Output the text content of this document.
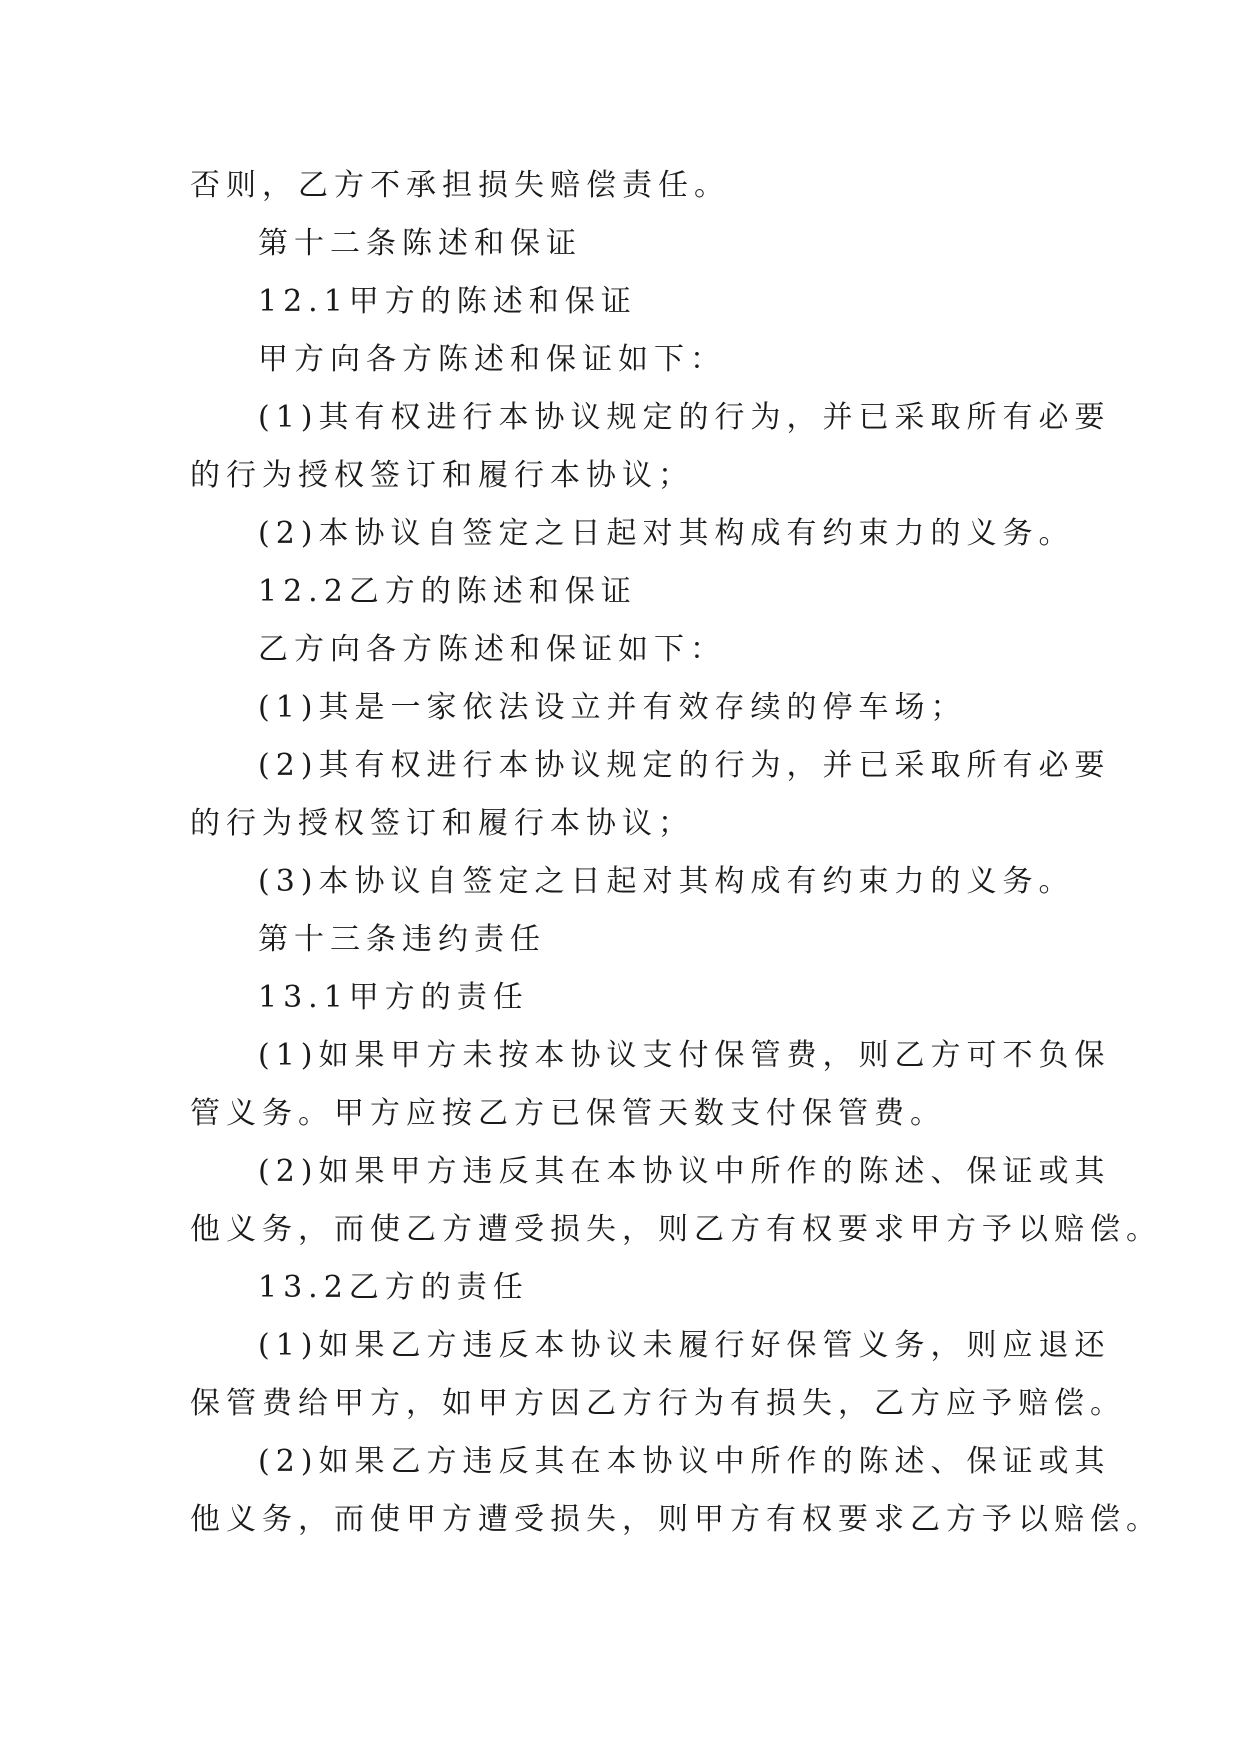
否则，乙方不承担损失赔偿责任。
第十二条陈述和保证
12.1甲方的陈述和保证
甲方向各方陈述和保证如下：
(1)其有权进行本协议规定的行为，并已采取所有必要
的行为授权签订和履行本协议；
(2)本协议自签定之日起对其构成有约束力的义务。
12.2乙方的陈述和保证
乙方向各方陈述和保证如下：
(1)其是一家依法设立并有效存续的停车场；
(2)其有权进行本协议规定的行为，并已采取所有必要
的行为授权签订和履行本协议；
(3)本协议自签定之日起对其构成有约束力的义务。
第十三条违约责任
13.1甲方的责任
(1)如果甲方未按本协议支付保管费，则乙方可不负保
管义务。甲方应按乙方已保管天数支付保管费。
(2)如果甲方违反其在本协议中所作的陈述、保证或其
他义务，而使乙方遭受损失，则乙方有权要求甲方予以赔偿。
13.2乙方的责任
(1)如果乙方违反本协议未履行好保管义务，则应退还
保管费给甲方，如甲方因乙方行为有损失，乙方应予赔偿。
(2)如果乙方违反其在本协议中所作的陈述、保证或其
他义务，而使甲方遭受损失，则甲方有权要求乙方予以赔偿。
